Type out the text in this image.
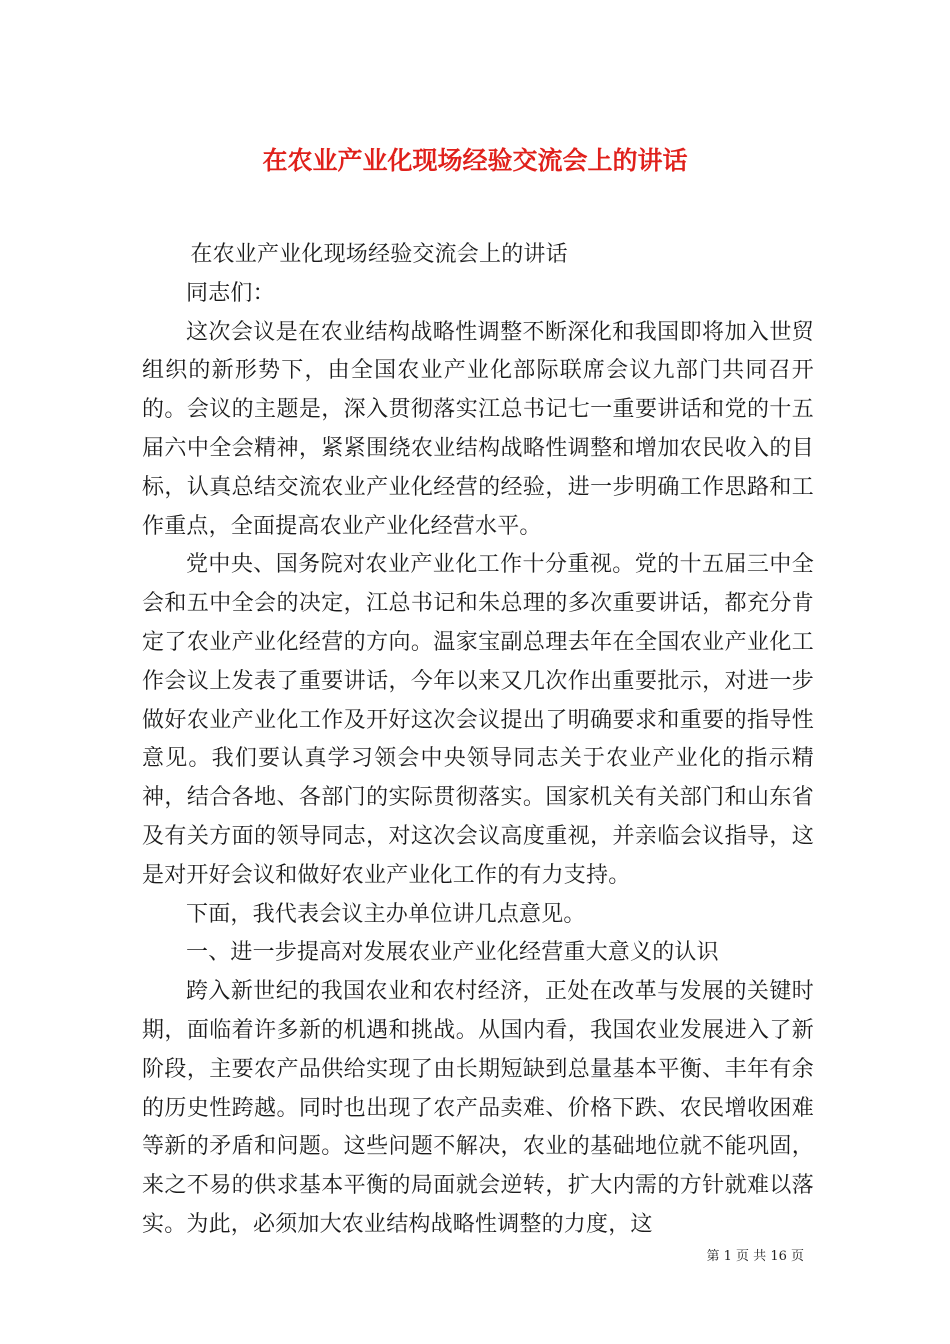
在农业产业化现场经验交流会上的讲话

在农业产业化现场经验交流会上的讲话

同志们：

这次会议是在农业结构战略性调整不断深化和我国即将加入世贸组织的新形势下，由全国农业产业化部际联席会议九部门共同召开的。会议的主题是，深入贯彻落实江总书记七一重要讲话和党的十五届六中全会精神，紧紧围绕农业结构战略性调整和增加农民收入的目标，认真总结交流农业产业化经营的经验，进一步明确工作思路和工作重点，全面提高农业产业化经营水平。

党中央、国务院对农业产业化工作十分重视。党的十五届三中全会和五中全会的决定，江总书记和朱总理的多次重要讲话，都充分肯定了农业产业化经营的方向。温家宝副总理去年在全国农业产业化工作会议上发表了重要讲话，今年以来又几次作出重要批示，对进一步做好农业产业化工作及开好这次会议提出了明确要求和重要的指导性意见。我们要认真学习领会中央领导同志关于农业产业化的指示精神，结合各地、各部门的实际贯彻落实。国家机关有关部门和山东省及有关方面的领导同志，对这次会议高度重视，并亲临会议指导，这是对开好会议和做好农业产业化工作的有力支持。

下面，我代表会议主办单位讲几点意见。

一、进一步提高对发展农业产业化经营重大意义的认识

跨入新世纪的我国农业和农村经济，正处在改革与发展的关键时期，面临着许多新的机遇和挑战。从国内看，我国农业发展进入了新阶段，主要农产品供给实现了由长期短缺到总量基本平衡、丰年有余的历史性跨越。同时也出现了农产品卖难、价格下跌、农民增收困难等新的矛盾和问题。这些问题不解决，农业的基础地位就不能巩固，来之不易的供求基本平衡的局面就会逆转，扩大内需的方针就难以落实。为此，必须加大农业结构战略性调整的力度，这

第 1 页 共 16 页
